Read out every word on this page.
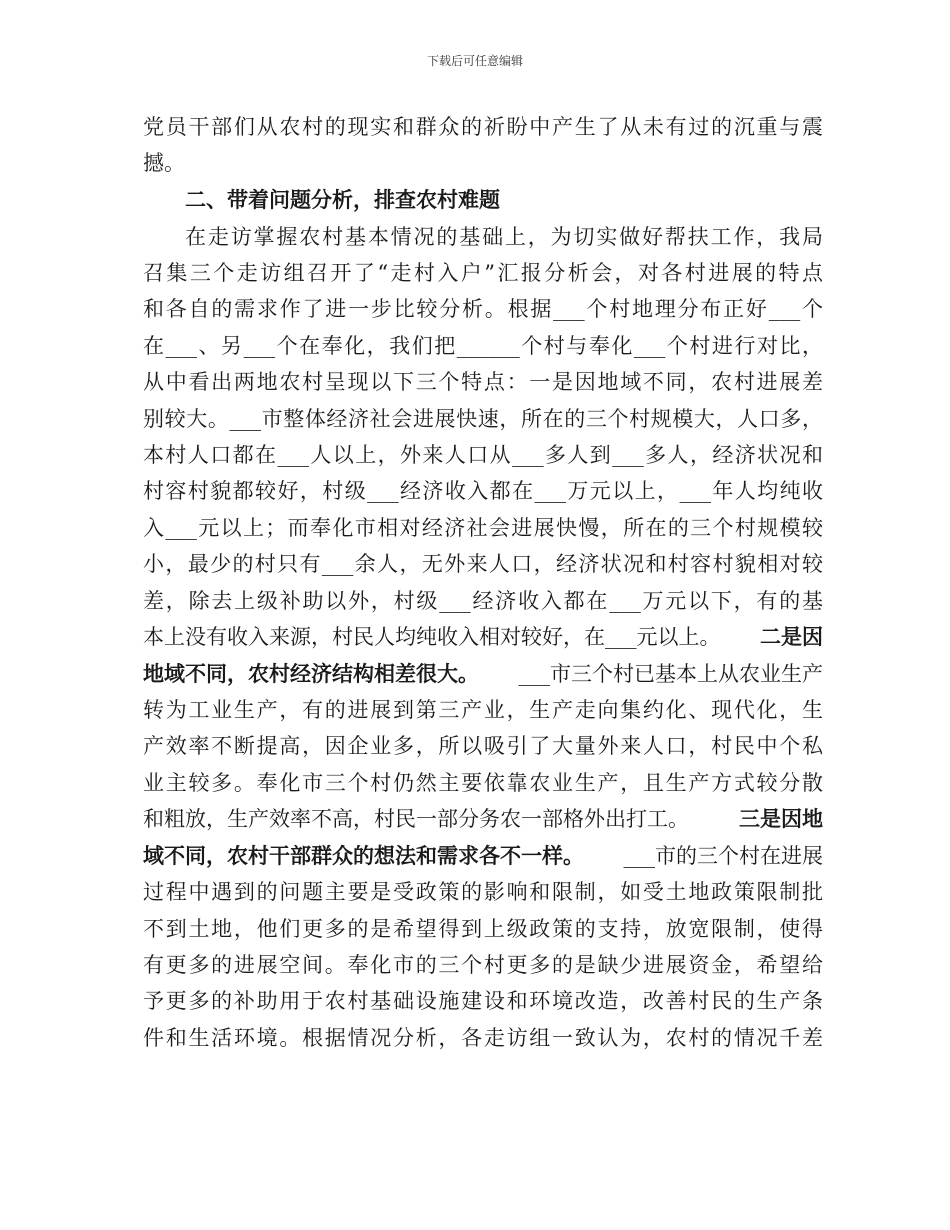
下载后可任意编辑
党员干部们从农村的现实和群众的祈盼中产生了从未有过的沉重与震
撼。
二、带着问题分析，排查农村难题
在走访掌握农村基本情况的基础上，为切实做好帮扶工作，我局
召集三个走访组召开了“走村入户”汇报分析会，对各村进展的特点
和各自的需求作了进一步比较分析。根据___个村地理分布正好___个
在___、另___个在奉化，我们把______个村与奉化___个村进行对比，
从中看出两地农村呈现以下三个特点：一是因地域不同，农村进展差
别较大。___市整体经济社会进展快速，所在的三个村规模大，人口多，
本村人口都在___人以上，外来人口从___多人到___多人，经济状况和
村容村貌都较好，村级___经济收入都在___万元以上，___年人均纯收
入___元以上；而奉化市相对经济社会进展快慢，所在的三个村规模较
小，最少的村只有___余人，无外来人口，经济状况和村容村貌相对较
差，除去上级补助以外，村级___经济收入都在___万元以下，有的基
本上没有收入来源，村民人均纯收入相对较好，在___元以上。 二是因
地域不同，农村经济结构相差很大。 ___市三个村已基本上从农业生产
转为工业生产，有的进展到第三产业，生产走向集约化、现代化，生
产效率不断提高，因企业多，所以吸引了大量外来人口，村民中个私
业主较多。奉化市三个村仍然主要依靠农业生产，且生产方式较分散
和粗放，生产效率不高，村民一部分务农一部格外出打工。 三是因地
域不同，农村干部群众的想法和需求各不一样。 ___市的三个村在进展
过程中遇到的问题主要是受政策的影响和限制，如受土地政策限制批
不到土地，他们更多的是希望得到上级政策的支持，放宽限制，使得
有更多的进展空间。奉化市的三个村更多的是缺少进展资金，希望给
予更多的补助用于农村基础设施建设和环境改造，改善村民的生产条
件和生活环境。根据情况分析，各走访组一致认为，农村的情况千差
